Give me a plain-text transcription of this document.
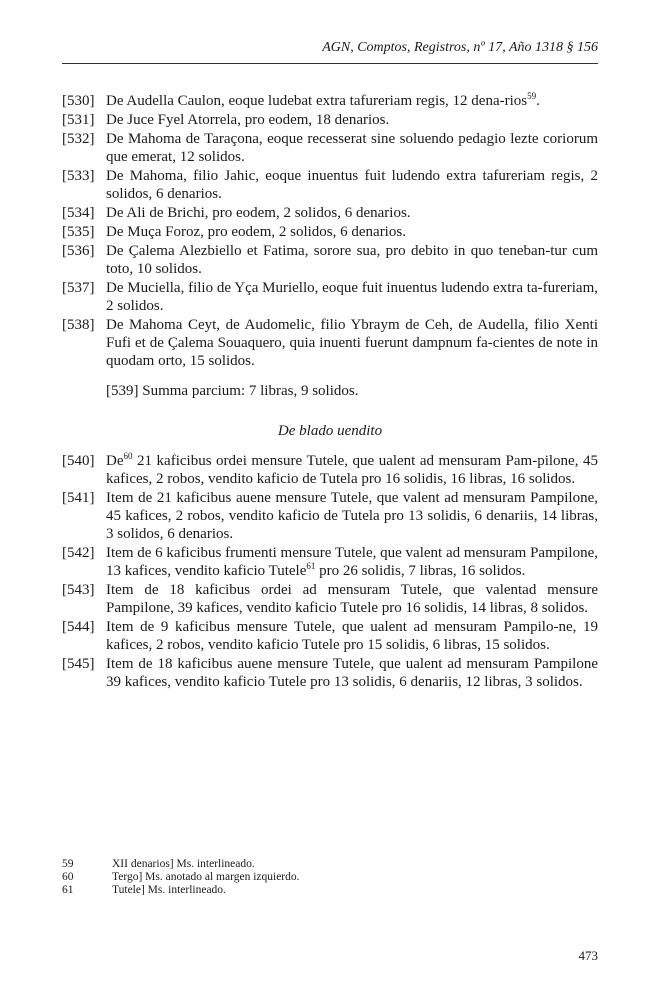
AGN, Comptos, Registros, nº 17, Año 1318 § 156
[530] De Audella Caulon, eoque ludebat extra tafureriam regis, 12 dena-rios$^{59}$.
[531] De Juce Fyel Atorrela, pro eodem, 18 denarios.
[532] De Mahoma de Taraçona, eoque recesserat sine soluendo pedagio lezte coriorum que emerat, 12 solidos.
[533] De Mahoma, filio Jahic, eoque inuentus fuit ludendo extra tafureriam regis, 2 solidos, 6 denarios.
[534] De Ali de Brichi, pro eodem, 2 solidos, 6 denarios.
[535] De Muça Foroz, pro eodem, 2 solidos, 6 denarios.
[536] De Çalema Alezbiello et Fatima, sorore sua, pro debito in quo teneban-tur cum toto, 10 solidos.
[537] De Muciella, filio de Yça Muriello, eoque fuit inuentus ludendo extra ta-fureriam, 2 solidos.
[538] De Mahoma Ceyt, de Audomelic, filio Ybraym de Ceh, de Audella, filio Xenti Fufi et de Çalema Souaquero, quia inuenti fuerunt dampnum fa-cientes de note in quodam orto, 15 solidos.
[539] Summa parcium: 7 libras, 9 solidos.
De blado uendito
[540] De$^{60}$ 21 kaficibus ordei mensure Tutele, que ualent ad mensuram Pam-pilone, 45 kafices, 2 robos, vendito kaficio de Tutela pro 16 solidis, 16 libras, 16 solidos.
[541] Item de 21 kaficibus auene mensure Tutele, que valent ad mensuram Pampilone, 45 kafices, 2 robos, vendito kaficio de Tutela pro 13 solidis, 6 denariis, 14 libras, 3 solidos, 6 denarios.
[542] Item de 6 kaficibus frumenti mensure Tutele, que valent ad mensuram Pampilone, 13 kafices, vendito kaficio Tutele$^{61}$ pro 26 solidis, 7 libras, 16 solidos.
[543] Item de 18 kaficibus ordei ad mensuram Tutele, que valentad mensure Pampilone, 39 kafices, vendito kaficio Tutele pro 16 solidis, 14 libras, 8 solidos.
[544] Item de 9 kaficibus mensure Tutele, que ualent ad mensuram Pampilo-ne, 19 kafices, 2 robos, vendito kaficio Tutele pro 15 solidis, 6 libras, 15 solidos.
[545] Item de 18 kaficibus auene mensure Tutele, que ualent ad mensuram Pampilone 39 kafices, vendito kaficio Tutele pro 13 solidis, 6 denariis, 12 libras, 3 solidos.
59	XII denarios] Ms. interlineado.
60	Tergo] Ms. anotado al margen izquierdo.
61	Tutele] Ms. interlineado.
473
